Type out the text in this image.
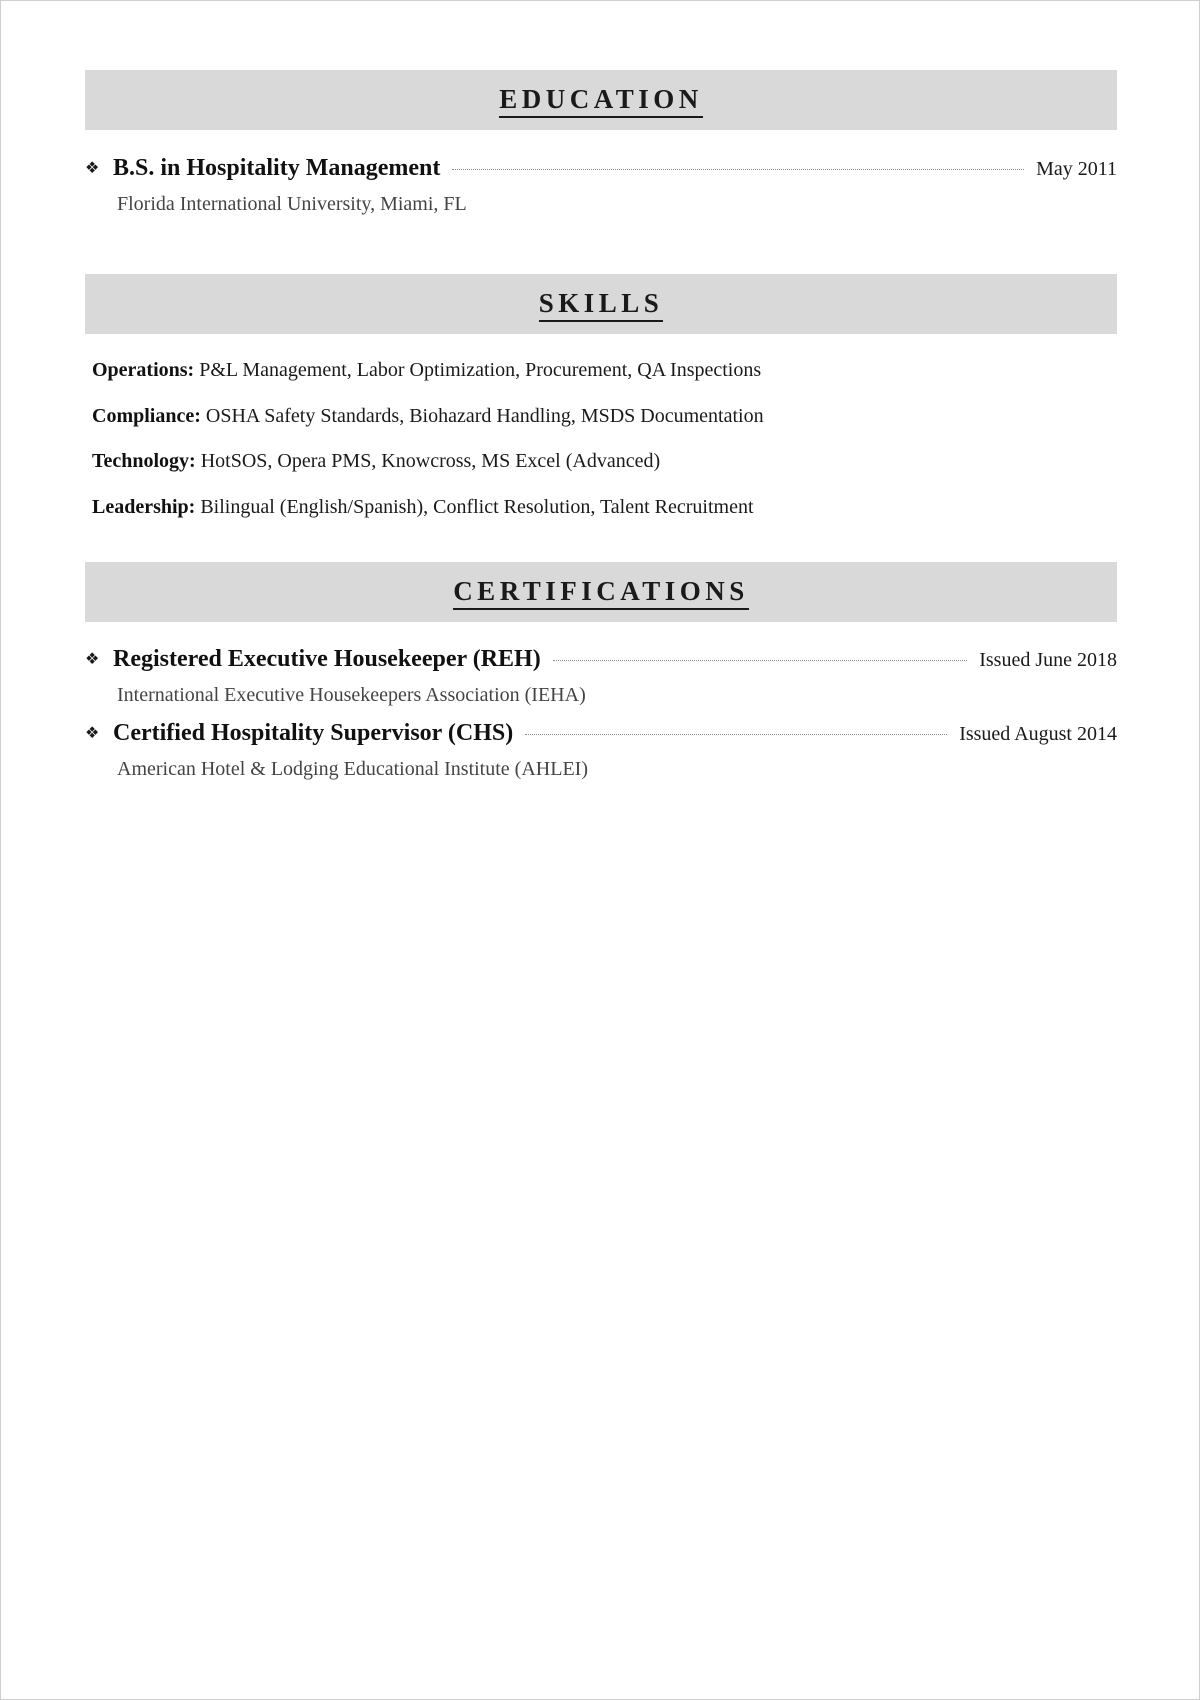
EDUCATION
❖ B.S. in Hospitality Management	May 2011
Florida International University, Miami, FL
SKILLS
Operations: P&L Management, Labor Optimization, Procurement, QA Inspections
Compliance: OSHA Safety Standards, Biohazard Handling, MSDS Documentation
Technology: HotSOS, Opera PMS, Knowcross, MS Excel (Advanced)
Leadership: Bilingual (English/Spanish), Conflict Resolution, Talent Recruitment
CERTIFICATIONS
❖ Registered Executive Housekeeper (REH)	Issued June 2018
International Executive Housekeepers Association (IEHA)
❖ Certified Hospitality Supervisor (CHS)	Issued August 2014
American Hotel & Lodging Educational Institute (AHLEI)
